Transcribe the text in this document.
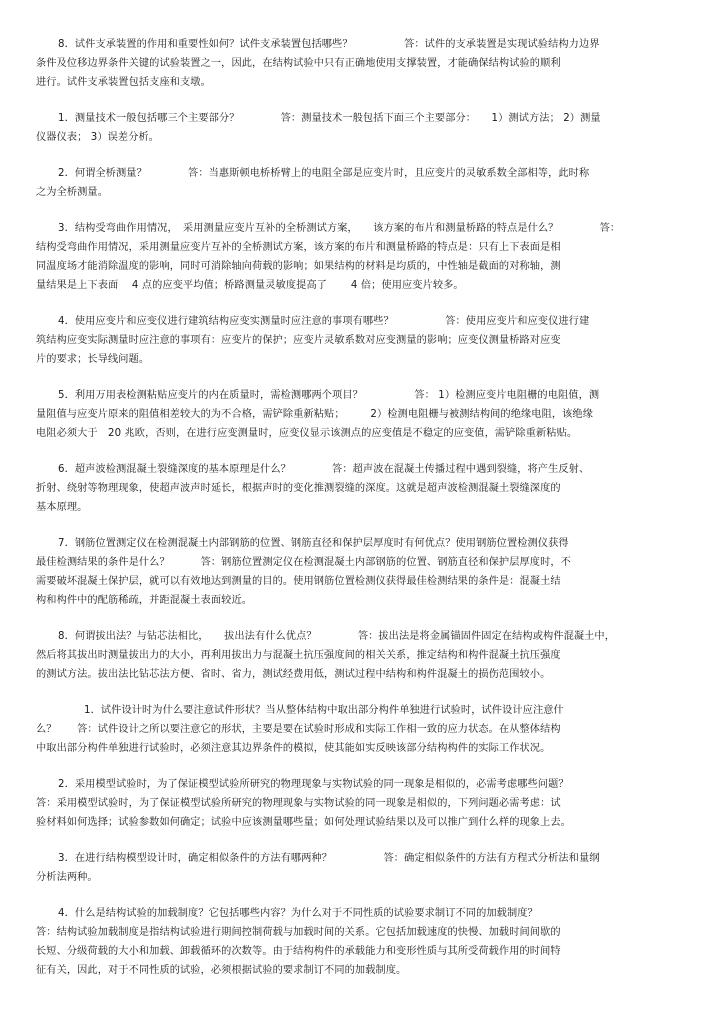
8．试件支承装置的作用和重要性如何？试件支承装置包括哪些？　　　　　答：试件的支承装置是实现试验结构力边界
条件及位移边界条件关键的试验装置之一，因此，在结构试验中只有正确地使用支撑装置，才能确保结构试验的顺利
进行。试件支承装置包括支座和支墩。
1．测量技术一般包括哪三个主要部分？　　　　答：测量技术一般包括下面三个主要部分：　　1）测试方法； 2）测量
仪器仪表； 3）误差分析。
2．何谓全桥测量？　　　　答：当惠斯顿电桥桥臂上的电阻全部是应变片时，且应变片的灵敏系数全部相等，此时称
之为全桥测量。
3．结构受弯曲作用情况，　采用测量应变片互补的全桥测试方案，　　该方案的布片和测量桥路的特点是什么？　　　　答：
结构受弯曲作用情况，采用测量应变片互补的全桥测试方案，该方案的布片和测量桥路的特点是：只有上下表面是相
同温度场才能消除温度的影响，同时可消除轴向荷载的影响；如果结构的材料是均质的，中性轴是截面的对称轴，测
量结果是上下表面　 4 点的应变平均值；桥路测量灵敏度提高了　　 4 倍；使用应变片较多。
4．使用应变片和应变仪进行建筑结构应变实测量时应注意的事项有哪些？　　　　　答：使用应变片和应变仪进行建
筑结构应变实际测量时应注意的事项有：应变片的保护；应变片灵敏系数对应变测量的影响；应变仪测量桥路对应变
片的要求；长导线问题。
5．利用万用表检测粘贴应变片的内在质量时，需检测哪两个项目？　　　　　答： 1）检测应变片电阻栅的电阻值，测
量阻值与应变片原来的阻值相差较大的为不合格，需铲除重新粘贴；　　　2）检测电阻栅与被测结构间的绝缘电阻，该绝缘
电阻必须大于　20 兆欧，否则，在进行应变测量时，应变仪显示该测点的应变值是不稳定的应变值，需铲除重新粘贴。
6．超声波检测混凝土裂缝深度的基本原理是什么？　　　　答：超声波在混凝土传播过程中遇到裂缝，将产生反射、
折射、绕射等物理现象，使超声波声时延长，根据声时的变化推测裂缝的深度。这就是超声波检测混凝土裂缝深度的
基本原理。
7．钢筋位置测定仪在检测混凝土内部钢筋的位置、钢筋直径和保护层厚度时有何优点？使用钢筋位置检测仪获得
最佳检测结果的条件是什么？　　　答：钢筋位置测定仪在检测混凝土内部钢筋的位置、钢筋直径和保护层厚度时，不
需要破坏混凝土保护层，就可以有效地达到测量的目的。使用钢筋位置检测仪获得最佳检测结果的条件是：混凝土结
构和构件中的配筋稀疏，并距混凝土表面较近。
8．何谓拔出法？与钻芯法相比，　　拔出法有什么优点？　　　　答：拔出法是将金属锚固件固定在结构或构件混凝土中，
然后将其拔出时测量拔出力的大小，再利用拔出力与混凝土抗压强度间的相关关系，推定结构和构件混凝土抗压强度
的测试方法。拔出法比钻芯法方便、省时、省力，测试经费用低，测试过程中结构和构件混凝土的损伤范围较小。
1．试件设计时为什么要注意试件形状？当从整体结构中取出部分构件单独进行试验时，试件设计应注意什
么？　　答：试件设计之所以要注意它的形状，主要是要在试验时形成和实际工作相一致的应力状态。在从整体结构
中取出部分构件单独进行试验时，必须注意其边界条件的模拟，使其能如实反映该部分结构构件的实际工作状况。
2．采用模型试验时，为了保证模型试验所研究的物理现象与实物试验的同一现象是相似的，必需考虑哪些问题？
答：采用模型试验时，为了保证模型试验所研究的物理现象与实物试验的同一现象是相似的，下列问题必需考虑：试
验材料如何选择；试验参数如何确定；试验中应该测量哪些量；如何处理试验结果以及可以推广到什么样的现象上去。
3．在进行结构模型设计时，确定相似条件的方法有哪两种？　　　　　答：确定相似条件的方法有方程式分析法和量纲
分析法两种。
4．什么是结构试验的加载制度？它包括哪些内容？为什么对于不同性质的试验要求制订不同的加载制度？
答：结构试验加载制度是指结构试验进行期间控制荷载与加载时间的关系。它包括加载速度的快慢、加载时间间歇的
长短、分级荷载的大小和加载、卸载循环的次数等。由于结构构件的承载能力和变形性质与其所受荷载作用的时间特
征有关，因此，对于不同性质的试验，必须根据试验的要求制订不同的加载制度。
